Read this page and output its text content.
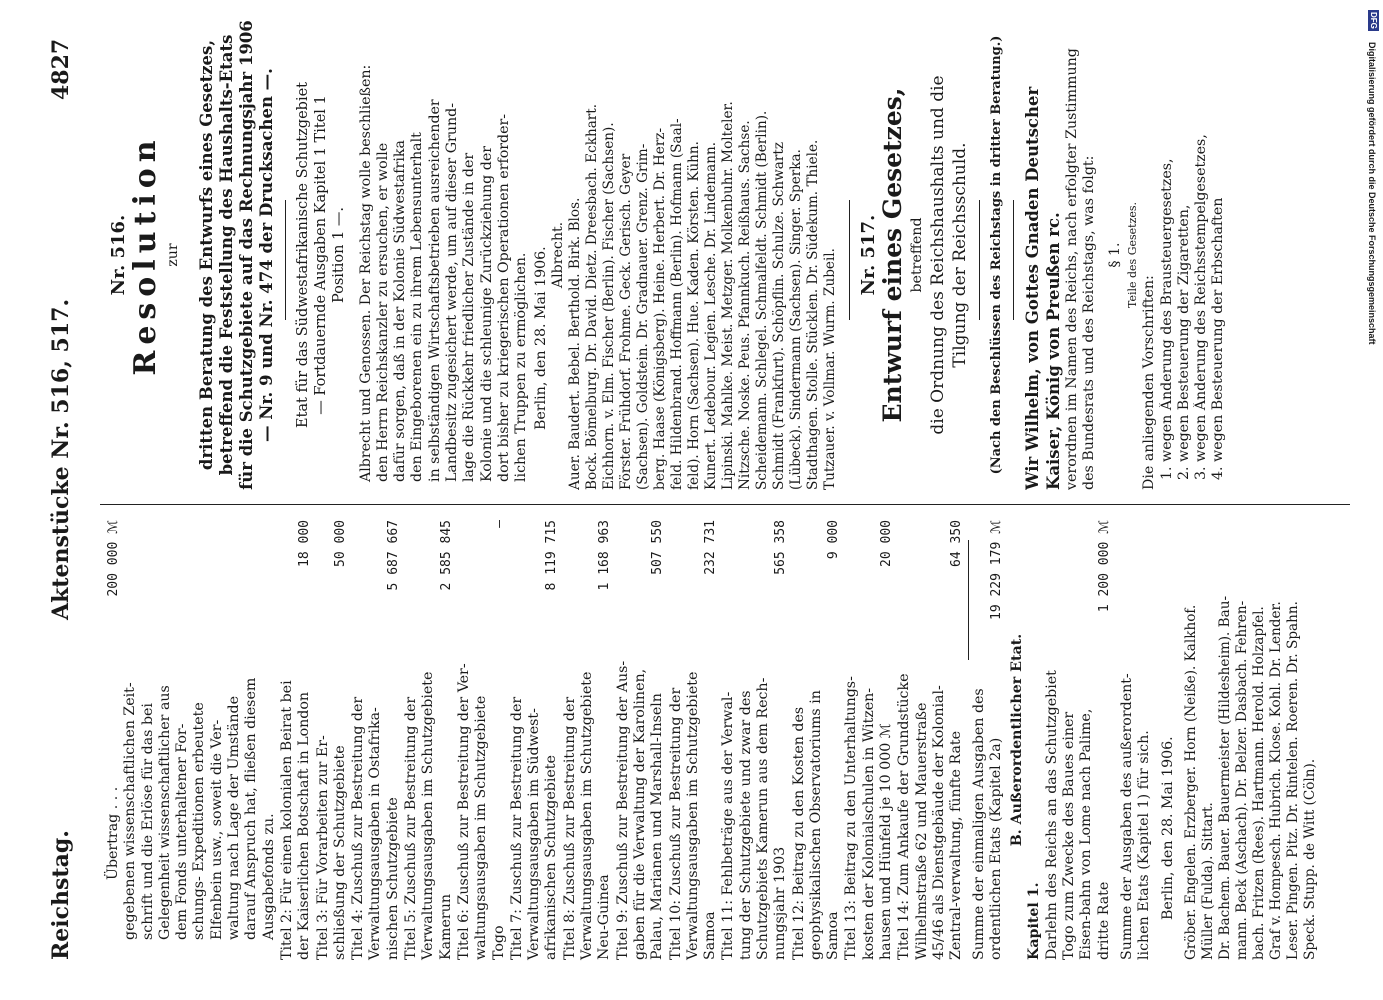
Reichstag.
Aktenstücke Nr. 516, 517.
4827
Übertrag . . .
200 000 ℳ
gegebenen wissenschaftlichen Zeit- schrift und die Erlöse für das bei Gelegenheit wissenschaftlicher aus dem Fonds unterhaltener For- schungs- Expeditionen erbeutete Elfenbein usw., soweit die Ver- waltung nach Lage der Umstände darauf Anspruch hat, fließen diesem Ausgabefonds zu. Titel 2: Für einen kolonialen Beirat bei der Kaiserlichen Botschaft in London
18 000
Titel 3: Für Vorarbeiten zur Er-schließung der Schutzgebiete
50 000
Titel 4: Zuschuß zur Bestreitung der Verwaltungsausgaben in Ostafrika-nischen Schutzgebiete
5 687 667
Titel 5: Zuschuß zur Bestreitung der Verwaltungsausgaben im Schutzgebiete Kamerun
2 585 845
Titel 6: Zuschuß zur Bestreitung der Ver-waltungsausgaben im Schutzgebiete Togo
—
Titel 7: Zuschuß zur Bestreitung der Verwaltungsausgaben im Südwest-afrikanischen Schutzgebiete
8 119 715
Titel 8: Zuschuß zur Bestreitung der Verwaltungsausgaben im Schutzgebiete Neu-Guinea
1 168 963
Titel 9: Zuschuß zur Bestreitung der Aus-gaben für die Verwaltung der Karolinen, Palau, Marianen und Marshall-Inseln
507 550
Titel 10: Zuschuß zur Bestreitung der Verwaltungsausgaben im Schutzgebiete Samoa
232 731
Titel 11: Fehlbeträge aus der Verwal-tung der Schutzgebiete und zwar des Schutzgebiets Kamerun aus dem Rech-nungsjahr 1903
565 358
Titel 12: Beitrag zu den Kosten des geophysikalischen Observatoriums in Samoa
9 000
Titel 13: Beitrag zu den Unterhaltungs-kosten der Kolonialschulen in Witzen-hausen und Hünfeld je 10 000 ℳ
20 000
Titel 14: Zum Ankaufe der Grundstücke Wilhelmstraße 62 und Mauerstraße 45/46 als Dienstgebäude der Kolonial-Zentral-verwaltung, fünfte Rate
64 350
Summe der einmaligen Ausgaben des ordentlichen Etats (Kapitel 2a)
19 229 179 ℳ
B. Außerordentlicher Etat.
Kapitel 1. Darlehn des Reichs an das Schutzgebiet Togo zum Zwecke des Baues einer Eisen-bahn von Lome nach Palime, dritte Rate
1 200 000 ℳ
Summe der Ausgaben des außerordent-lichen Etats (Kapitel 1) für sich. Berlin, den 28. Mai 1906. Gröber. Engelen. Erzberger. Horn (Neiße). Kalkhof. Müller (Fulda). Sittart. Dr. Bachem. Bauer. Bauermeister (Hildesheim). Bau- mann. Beck (Aschach). Dr. Belzer. Dasbach. Fehren- bach. Fritzen (Rees). Hartmann. Herold. Holzapfel. Graf v. Hompesch. Hubrich. Klose. Kohl. Dr. Lender. Leser. Pingen. Pitz. Dr. Rintelen. Roeren. Dr. Spahn. Speck. Stupp. de Witt (Cöln).
Nr. 516. Resolution zur dritten Beratung des Entwurfs eines Gesetzes, betreffend die Feststellung des Haushalts-Etats für die Schutzgebiete auf das Rechnungsjahr 1906 — Nr. 9 und Nr. 474 der Drucksachen —. Etat für das Südwestafrikanische Schutzgebiet — Fortdauernde Ausgaben Kapitel 1 Titel 1 Position 1 —. Albrecht und Genossen. Der Reichstag wolle beschließen: den Herrn Reichskanzler zu ersuchen, er wolle dafür sorgen, daß in der Kolonie Südwestafrika den Eingeborenen ein zu ihrem Lebensunterhalt in selbständigen Wirtschaftsbetrieben ausreichender Landbesitz zugesichert werde, um auf dieser Grund- lage die Rückkehr friedlicher Zustände in der Kolonie und die schleunige Zurückziehung der dort bisher zu kriegerischen Operationen erforder- lichen Truppen zu ermöglichen. Berlin, den 28. Mai 1906. Albrecht. Auer. Baudert. Bebel. Berthold. Birk. Blos. Bock. Bömelburg. Dr. David. Dietz. Dreesbach. Eckhart. Eichhorn. v. Elm. Fischer (Berlin). Fischer (Sachsen). Förster. Frühdorf. Frohme. Geck. Gerisch. Geyer (Sachsen). Goldstein. Dr. Gradnauer. Grenz. Grim- berg. Haase (Königsberg). Heine. Herbert. Dr. Herz- feld. Hildenbrand. Hoffmann (Berlin). Hofmann (Saal- feld). Horn (Sachsen). Hue. Kaden. Körsten. Kühn. Kunert. Ledebour. Legien. Lesche. Dr. Lindemann. Lipinski. Mahlke. Meist. Metzger. Molkenbuhr. Molteler. Nitzsche. Noske. Peus. Pfannkuch. Reißhaus. Sachse. Scheidemann. Schlegel. Schmalfeldt. Schmidt (Berlin). Schmidt (Frankfurt). Schöpflin. Schulze. Schwartz (Lübeck). Sindermann (Sachsen). Singer. Sperka. Stadthagen. Stolle. Stücklen. Dr. Südekum. Thiele. Tutzauer. v. Vollmar. Wurm. Zubeil. Nr. 517. Entwurf eines Gesetzes, betreffend die Ordnung des Reichshaushalts und die Tilgung der Reichsschuld. (Nach den Beschlüssen des Reichstags in dritter Beratung.) Wir Wilhelm, von Gottes Gnaden Deutscher Kaiser, König von Preußen rc. verordnen im Namen des Reichs, nach erfolgter Zustimmung des Bundesrats und des Reichstags, was folgt: § 1. Teile des Gesetzes.
Die anliegenden Vorschriften: 1. wegen Änderung des Brausteuergesetzes, 2. wegen Besteuerung der Zigaretten, 3. wegen Änderung des Reichsstempelgesetzes, 4. wegen Besteuerung der Erbschaften
DFG
Digitalisierung gefördert durch die Deutsche Forschungsgemeinschaft
